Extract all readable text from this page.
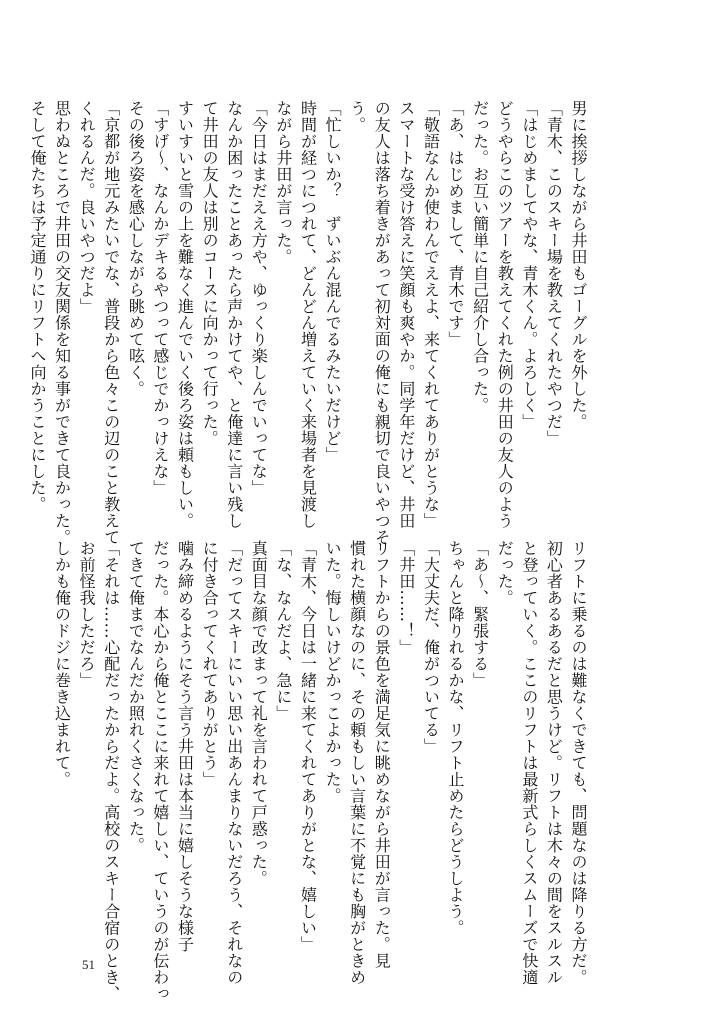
男に挨拶しながら井田もゴーグルを外した。
「青木、このスキー場を教えてくれたやつだ」
「はじめましてやな、青木くん。よろしく」
どうやらこのツアーを教えてくれた例の井田の友人のよう
だった。お互い簡単に自己紹介し合った。
「あ、はじめまして、青木です」
「敬語なんか使わんでええよ、来てくれてありがとうな」
スマートな受け答えに笑顔も爽やか。同学年だけど、井田
の友人は落ち着きがあって初対面の俺にも親切で良いやつそ
う。
「忙しいか？　ずいぶん混んでるみたいだけど」
時間が経つにつれて、どんどん増えていく来場者を見渡し
ながら井田が言った。
「今日はまだええ方や、ゆっくり楽しんでいってな」
なんか困ったことあったら声かけてや、と俺達に言い残し
て井田の友人は別のコースに向かって行った。
すいすいと雪の上を難なく進んでいく後ろ姿は頼もしい。
「すげ～、なんかデキるやつって感じでかっけえな」
その後ろ姿を感心しながら眺めて呟く。
「京都が地元みたいでな、普段から色々この辺のこと教えて
くれるんだ。良いやつだよ」
思わぬところで井田の交友関係を知る事ができて良かった。
そして俺たちは予定通りにリフトへ向かうことにした。
リフトに乗るのは難なくできても、問題なのは降りる方だ。
初心者あるあるだと思うけど。リフトは木々の間をスルスル
と登っていく。ここのリフトは最新式らしくスムーズで快適
だった。
「あ～、緊張する」
ちゃんと降りれるかな、リフト止めたらどうしよう。
「大丈夫だ、俺がついてる」
「井田……！」
リフトからの景色を満足気に眺めながら井田が言った。見
慣れた横顔なのに、その頼もしい言葉に不覚にも胸がときめ
いた。悔しいけどかっこよかった。
「青木、今日は一緒に来てくれてありがとな、嬉しい」
「な、なんだよ、急に」
真面目な顔で改まって礼を言われて戸惑った。
「だってスキーにいい思い出あんまりないだろう、それなの
に付き合ってくれてありがとう」
噛み締めるようにそう言う井田は本当に嬉しそうな様子
だった。本心から俺とここに来れて嬉しい、ていうのが伝わっ
てきて俺までなんだか照れくさくなった。
「それは……心配だったからだよ。高校のスキー合宿のとき、
お前怪我しただろ」
しかも俺のドジに巻き込まれて。
51
